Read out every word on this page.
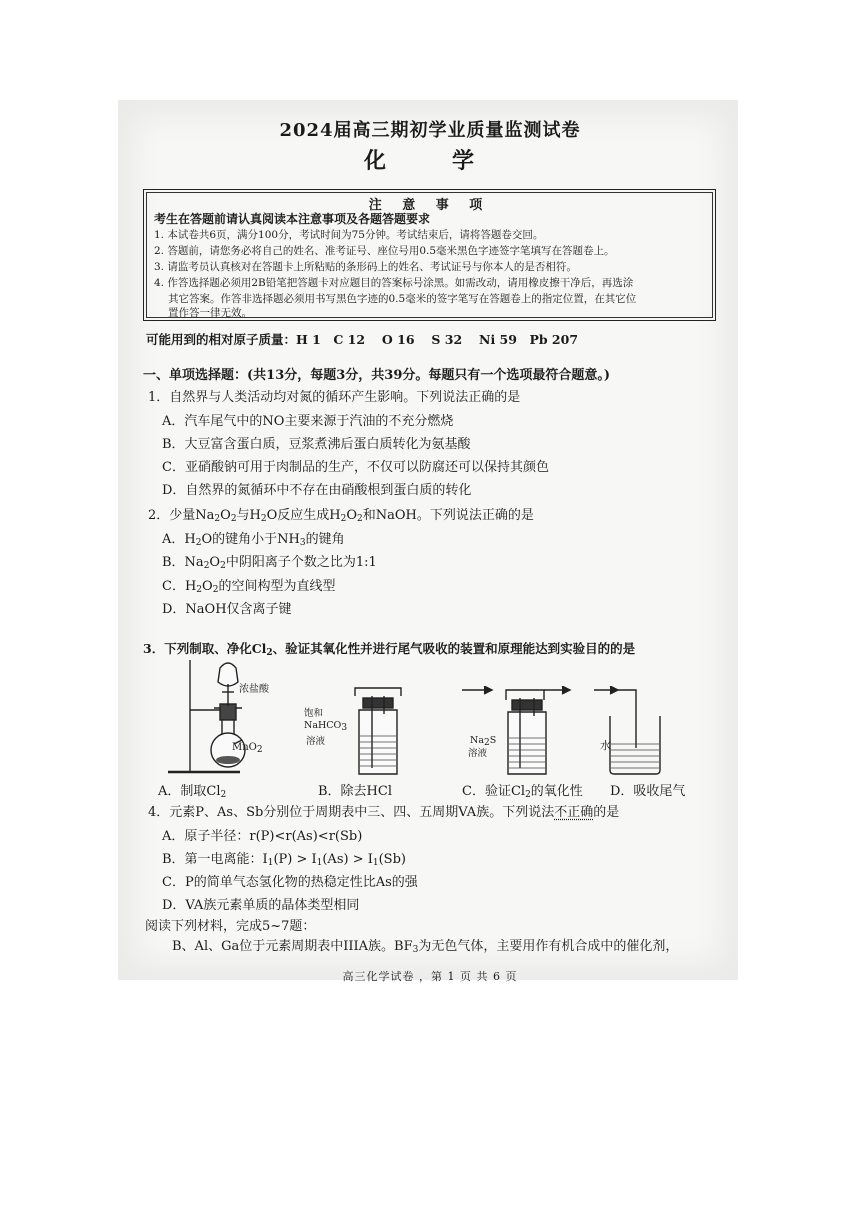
2024届高三期初学业质量监测试卷
化　学
注 意 事 项
考生在答题前请认真阅读本注意事项及各题答题要求
1. 本试卷共6页，满分100分，考试时间为75分钟。考试结束后，请将答题卷交回。
2. 答题前，请您务必将自己的姓名、准考证号、座位号用0.5毫米黑色字迹签字笔填写在答题卷上。
3. 请监考员认真核对在答题卡上所粘贴的条形码上的姓名、考试证号与你本人的是否相符。
4. 作答选择题必须用2B铅笔把答题卡对应题目的答案标号涂黑。如需改动，请用橡皮擦干净后，再选涂
其它答案。作答非选择题必须用书写黑色字迹的0.5毫米的签字笔写在答题卷上的指定位置，在其它位
置作答一律无效。
可能用到的相对原子质量：H 1　C 12　 O 16　 S 32　 Ni 59　Pb 207
一、单项选择题：(共13分，每题3分，共39分。每题只有一个选项最符合题意。)
1．自然界与人类活动均对氮的循环产生影响。下列说法正确的是
A．汽车尾气中的NO主要来源于汽油的不充分燃烧
B．大豆富含蛋白质，豆浆煮沸后蛋白质转化为氨基酸
C．亚硝酸钠可用于肉制品的生产，不仅可以防腐还可以保持其颜色
D．自然界的氮循环中不存在由硝酸根到蛋白质的转化
2．少量$Na_2O_2$与$H_2O$反应生成$H_2O_2$和NaOH。下列说法正确的是
A．$H_2O$的键角小于$NH_3$的键角
B．$Na_2O_2$中阴阳离子个数之比为1:1
C．$H_2O_2$的空间构型为直线型
D．NaOH仅含离子键
3．下列制取、净化$Cl_2$、验证其氧化性并进行尾气吸收的装置和原理能达到实验目的的是
浓盐酸
MnO$_2$
饱和
NaHCO$_3$
溶液	$Na_2S$
溶液
水
A．制取$Cl_2$	B．除去HCl	C．验证$Cl_2$的氧化性 D．吸收尾气
4．元素P、As、Sb分别位于周期表中三、四、五周期VA族。下列说法不正确的是
A．原子半径：r(P)<r(As)<r(Sb)
B．第一电离能：$I_1(P) > I_1(As) > I_1(Sb)$
C．P的简单气态氢化物的热稳定性比As的强
D．VA族元素单质的晶体类型相同
阅读下列材料，完成5~7题：
B、Al、Ga位于元素周期表中IIIA族。$BF_3$为无色气体，主要用作有机合成中的催化剂，
高三化学试卷 ，第 1 页 共 6 页
